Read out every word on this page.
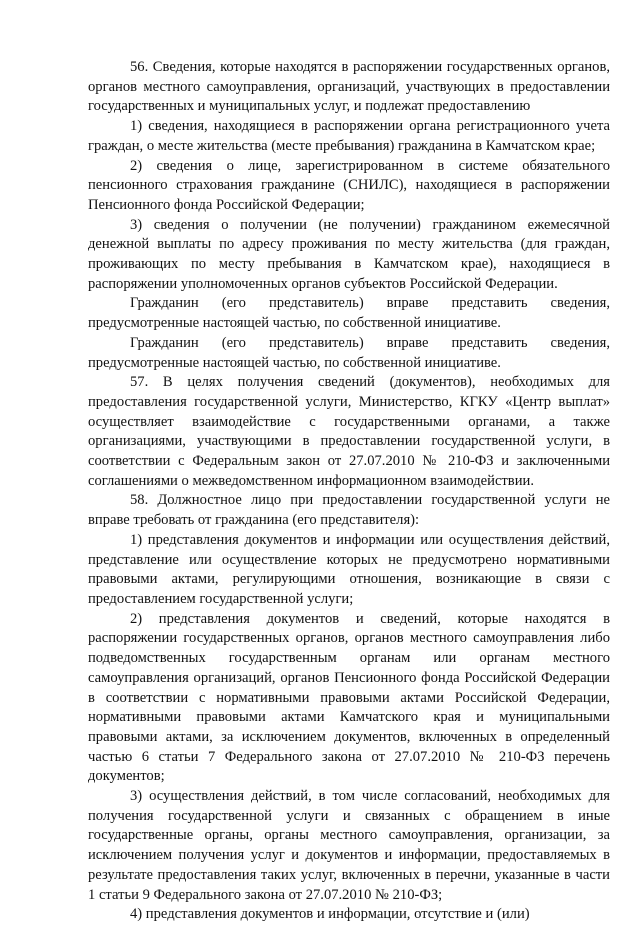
56. Сведения, которые находятся в распоряжении государственных органов, органов местного самоуправления, организаций, участвующих в предоставлении государственных и муниципальных услуг, и подлежат предоставлению

1) сведения, находящиеся в распоряжении органа регистрационного учета граждан, о месте жительства (месте пребывания) гражданина в Камчатском крае;

2) сведения о лице, зарегистрированном в системе обязательного пенсионного страхования гражданине (СНИЛС), находящиеся в распоряжении Пенсионного фонда Российской Федерации;

3) сведения о получении (не получении) гражданином ежемесячной денежной выплаты по адресу проживания по месту жительства (для граждан, проживающих по месту пребывания в Камчатском крае), находящиеся в распоряжении уполномоченных органов субъектов Российской Федерации.

Гражданин (его представитель) вправе представить сведения, предусмотренные настоящей частью, по собственной инициативе.

Гражданин (его представитель) вправе представить сведения, предусмотренные настоящей частью, по собственной инициативе.

57. В целях получения сведений (документов), необходимых для предоставления государственной услуги, Министерство, КГКУ «Центр выплат» осуществляет взаимодействие с государственными органами, а также организациями, участвующими в предоставлении государственной услуги, в соответствии с Федеральным закон от 27.07.2010 № 210-ФЗ и заключенными соглашениями о межведомственном информационном взаимодействии.

58. Должностное лицо при предоставлении государственной услуги не вправе требовать от гражданина (его представителя):

1) представления документов и информации или осуществления действий, представление или осуществление которых не предусмотрено нормативными правовыми актами, регулирующими отношения, возникающие в связи с предоставлением государственной услуги;

2) представления документов и сведений, которые находятся в распоряжении государственных органов, органов местного самоуправления либо подведомственных государственным органам или органам местного самоуправления организаций, органов Пенсионного фонда Российской Федерации в соответствии с нормативными правовыми актами Российской Федерации, нормативными правовыми актами Камчатского края и муниципальными правовыми актами, за исключением документов, включенных в определенный частью 6 статьи 7 Федерального закона от 27.07.2010 № 210-ФЗ перечень документов;

3) осуществления действий, в том числе согласований, необходимых для получения государственной услуги и связанных с обращением в иные государственные органы, органы местного самоуправления, организации, за исключением получения услуг и документов и информации, предоставляемых в результате предоставления таких услуг, включенных в перечни, указанные в части 1 статьи 9 Федерального закона от 27.07.2010 № 210-ФЗ;

4) представления документов и информации, отсутствие и (или)
